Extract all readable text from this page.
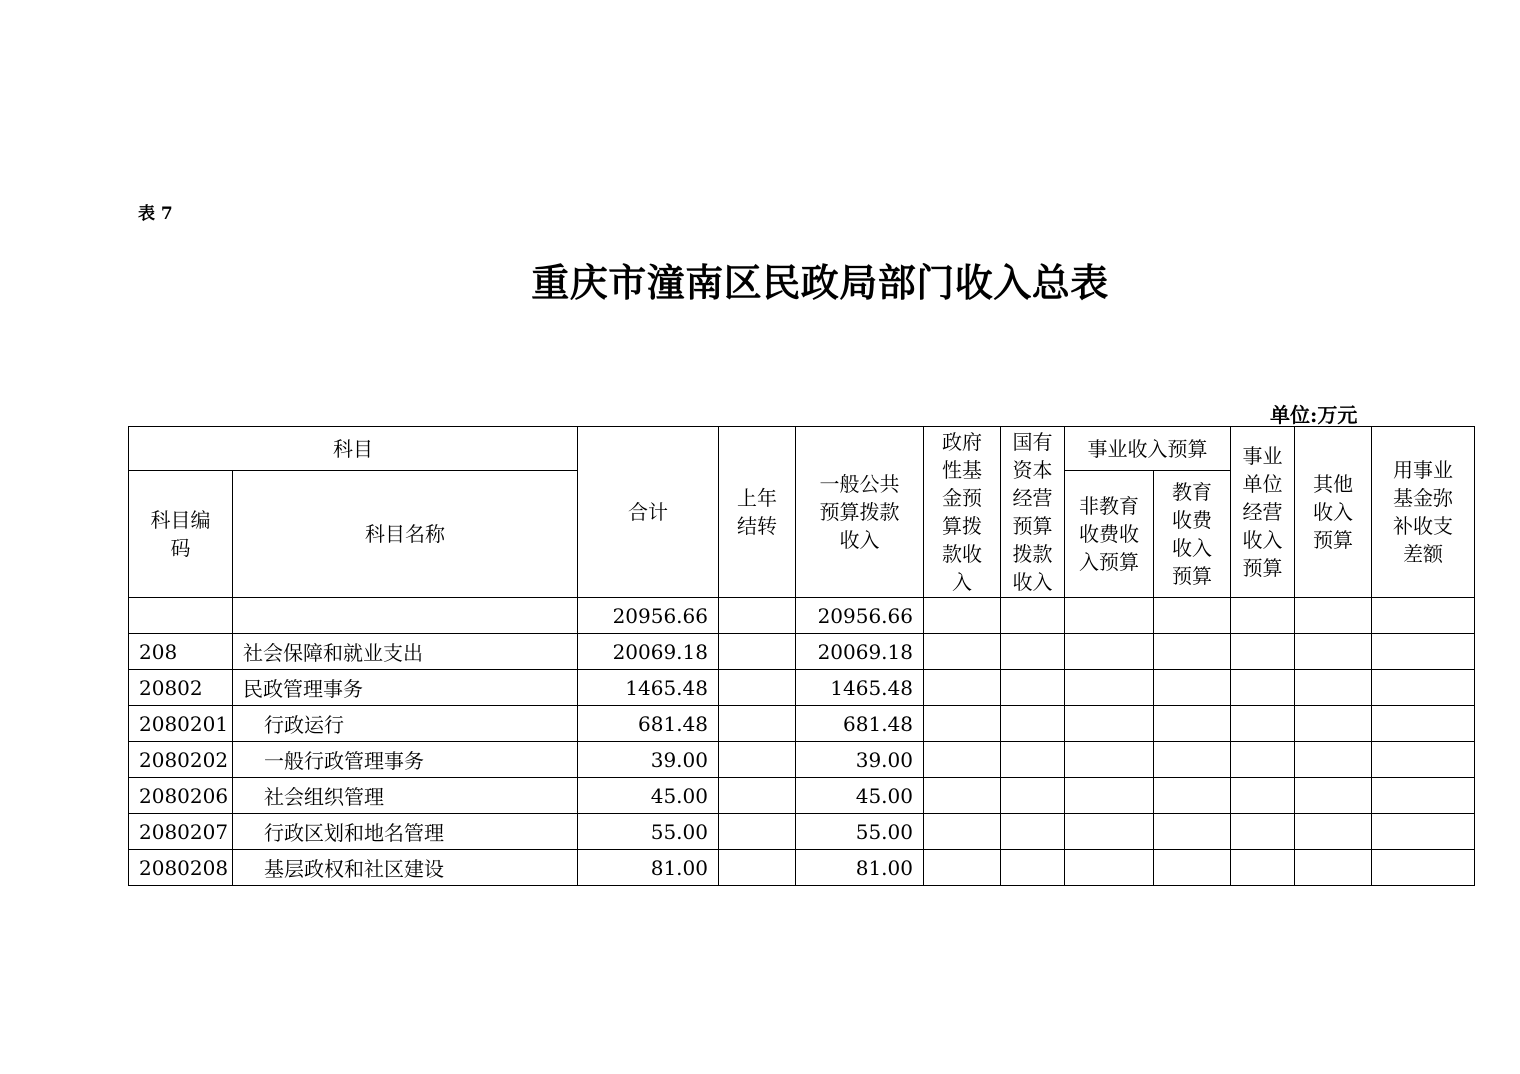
表 7
重庆市潼南区民政局部门收入总表
单位:万元
科目		合计	上年结转	一般公共预算拨款收入	政府性基金预算拨款收入	国有资本经营预算拨款收入	事业收入预算		事业单位经营收入预算	其他收入预算	用事业基金弥补收支差额

科目编码	科目名称						非教育收费收入预算	教育收费收入预算			

		20956.66		20956.66							
208	社会保障和就业支出	20069.18		20069.18							
20802	民政管理事务	1465.48		1465.48							
2080201	行政运行	681.48		681.48							
2080202	一般行政管理事务	39.00		39.00							
2080206	社会组织管理	45.00		45.00							
2080207	行政区划和地名管理	55.00		55.00							
2080208	基层政权和社区建设	81.00		81.00							
